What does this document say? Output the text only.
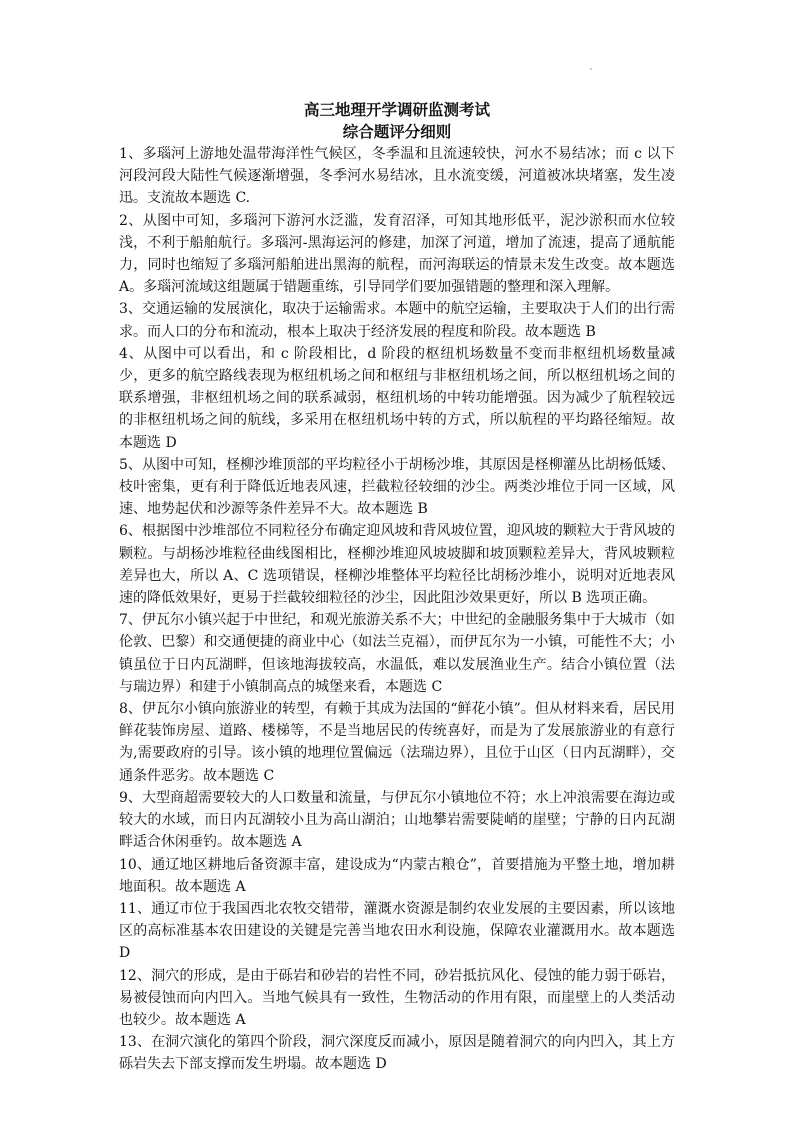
高三地理开学调研监测考试
综合题评分细则

1、多瑙河上游地处温带海洋性气候区，冬季温和且流速较快，河水不易结冰；而 c 以下河段河段大陆性气候逐渐增强，冬季河水易结冰，且水流变缓，河道被冰块堵塞，发生凌迅。支流故本题选 C.

2、从图中可知，多瑙河下游河水泛滥，发育沼泽，可知其地形低平，泥沙淤积而水位较浅，不利于船舶航行。多瑙河-黑海运河的修建，加深了河道，增加了流速，提高了通航能力，同时也缩短了多瑙河船舶进出黑海的航程，而河海联运的情景未发生改变。故本题选 A。多瑙河流域这组题属于错题重练，引导同学们要加强错题的整理和深入理解。

3、交通运输的发展演化，取决于运输需求。本题中的航空运输，主要取决于人们的出行需求。而人口的分布和流动，根本上取决于经济发展的程度和阶段。故本题选 B

4、从图中可以看出，和 c 阶段相比，d 阶段的枢纽机场数量不变而非枢纽机场数量减少，更多的航空路线表现为枢纽机场之间和枢纽与非枢纽机场之间，所以枢纽机场之间的联系增强，非枢纽机场之间的联系减弱，枢纽机场的中转功能增强。因为减少了航程较远的非枢纽机场之间的航线，多采用在枢纽机场中转的方式，所以航程的平均路径缩短。故本题选 D

5、从图中可知，柽柳沙堆顶部的平均粒径小于胡杨沙堆，其原因是柽柳灌丛比胡杨低矮、枝叶密集，更有利于降低近地表风速，拦截粒径较细的沙尘。两类沙堆位于同一区域，风速、地势起伏和沙源等条件差异不大。故本题选 B

6、根据图中沙堆部位不同粒径分布确定迎风坡和背风坡位置，迎风坡的颗粒大于背风坡的颗粒。与胡杨沙堆粒径曲线图相比，柽柳沙堆迎风坡坡脚和坡顶颗粒差异大，背风坡颗粒差异也大，所以 A、C 选项错误，柽柳沙堆整体平均粒径比胡杨沙堆小，说明对近地表风速的降低效果好，更易于拦截较细粒径的沙尘，因此阻沙效果更好，所以 B 选项正确。

7、伊瓦尔小镇兴起于中世纪，和观光旅游关系不大；中世纪的金融服务集中于大城市（如伦敦、巴黎）和交通便捷的商业中心（如法兰克福），而伊瓦尔为一小镇，可能性不大；小镇虽位于日内瓦湖畔，但该地海拔较高，水温低，难以发展渔业生产。结合小镇位置（法与瑞边界）和建于小镇制高点的城堡来看，本题选 C

8、伊瓦尔小镇向旅游业的转型，有赖于其成为法国的“鲜花小镇”。但从材料来看，居民用鲜花装饰房屋、道路、楼梯等，不是当地居民的传统喜好，而是为了发展旅游业的有意行为,需要政府的引导。该小镇的地理位置偏远（法瑞边界），且位于山区（日内瓦湖畔），交通条件恶劣。故本题选 C

9、大型商超需要较大的人口数量和流量，与伊瓦尔小镇地位不符；水上冲浪需要在海边或较大的水域，而日内瓦湖较小且为高山湖泊；山地攀岩需要陡峭的崖壁；宁静的日内瓦湖畔适合休闲垂钓。故本题选 A

10、通辽地区耕地后备资源丰富，建设成为“内蒙古粮仓”，首要措施为平整土地，增加耕地面积。故本题选 A

11、通辽市位于我国西北农牧交错带，灌溉水资源是制约农业发展的主要因素，所以该地区的高标准基本农田建设的关键是完善当地农田水利设施，保障农业灌溉用水。故本题选 D

12、洞穴的形成，是由于砾岩和砂岩的岩性不同，砂岩抵抗风化、侵蚀的能力弱于砾岩，易被侵蚀而向内凹入。当地气候具有一致性，生物活动的作用有限，而崖壁上的人类活动也较少。故本题选 A

13、在洞穴演化的第四个阶段，洞穴深度反而减小，原因是随着洞穴的向内凹入，其上方砾岩失去下部支撑而发生坍塌。故本题选 D
